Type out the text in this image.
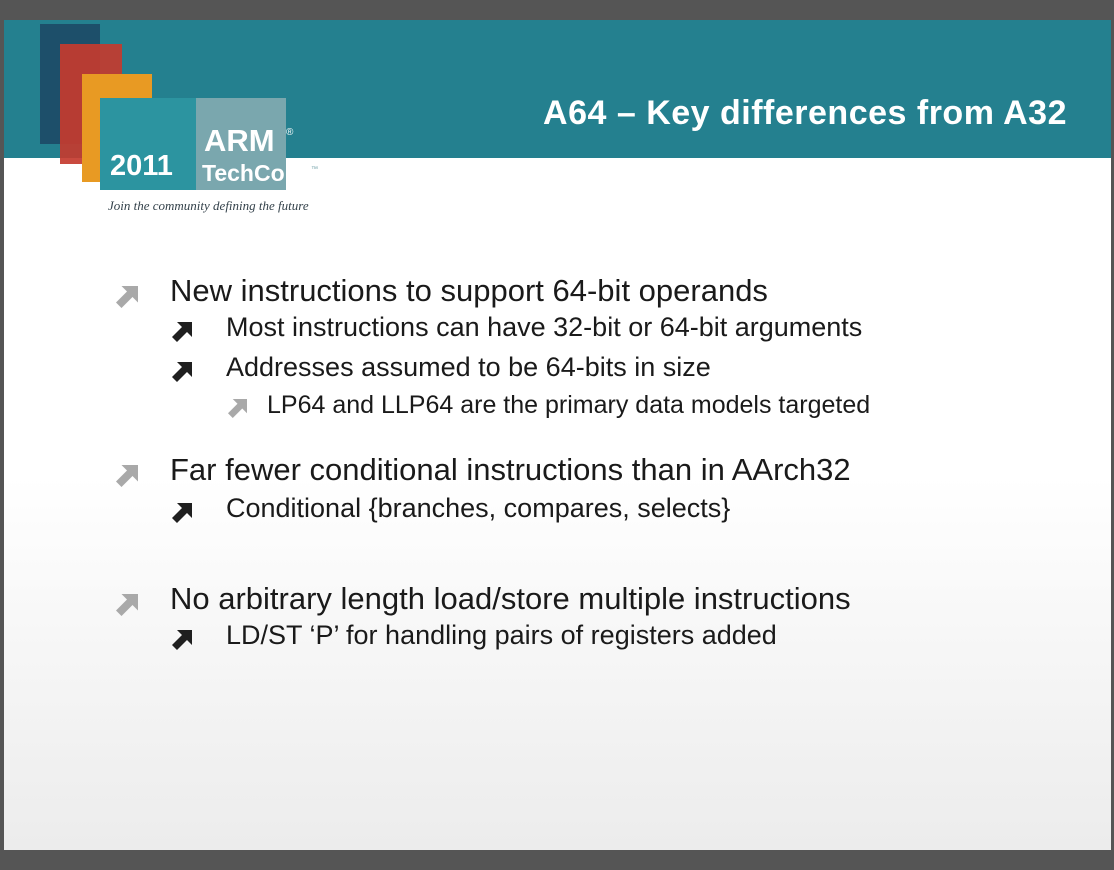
2011
ARM ®
TechCon ™
Join the community defining the future
A64 – Key differences from A32
New instructions to support 64-bit operands
Most instructions can have 32-bit or 64-bit arguments
Addresses assumed to be 64-bits in size
LP64 and LLP64 are the primary data models targeted
Far fewer conditional instructions than in AArch32
Conditional {branches, compares, selects}
No arbitrary length load/store multiple instructions
LD/ST ‘P’ for handling pairs of registers added
